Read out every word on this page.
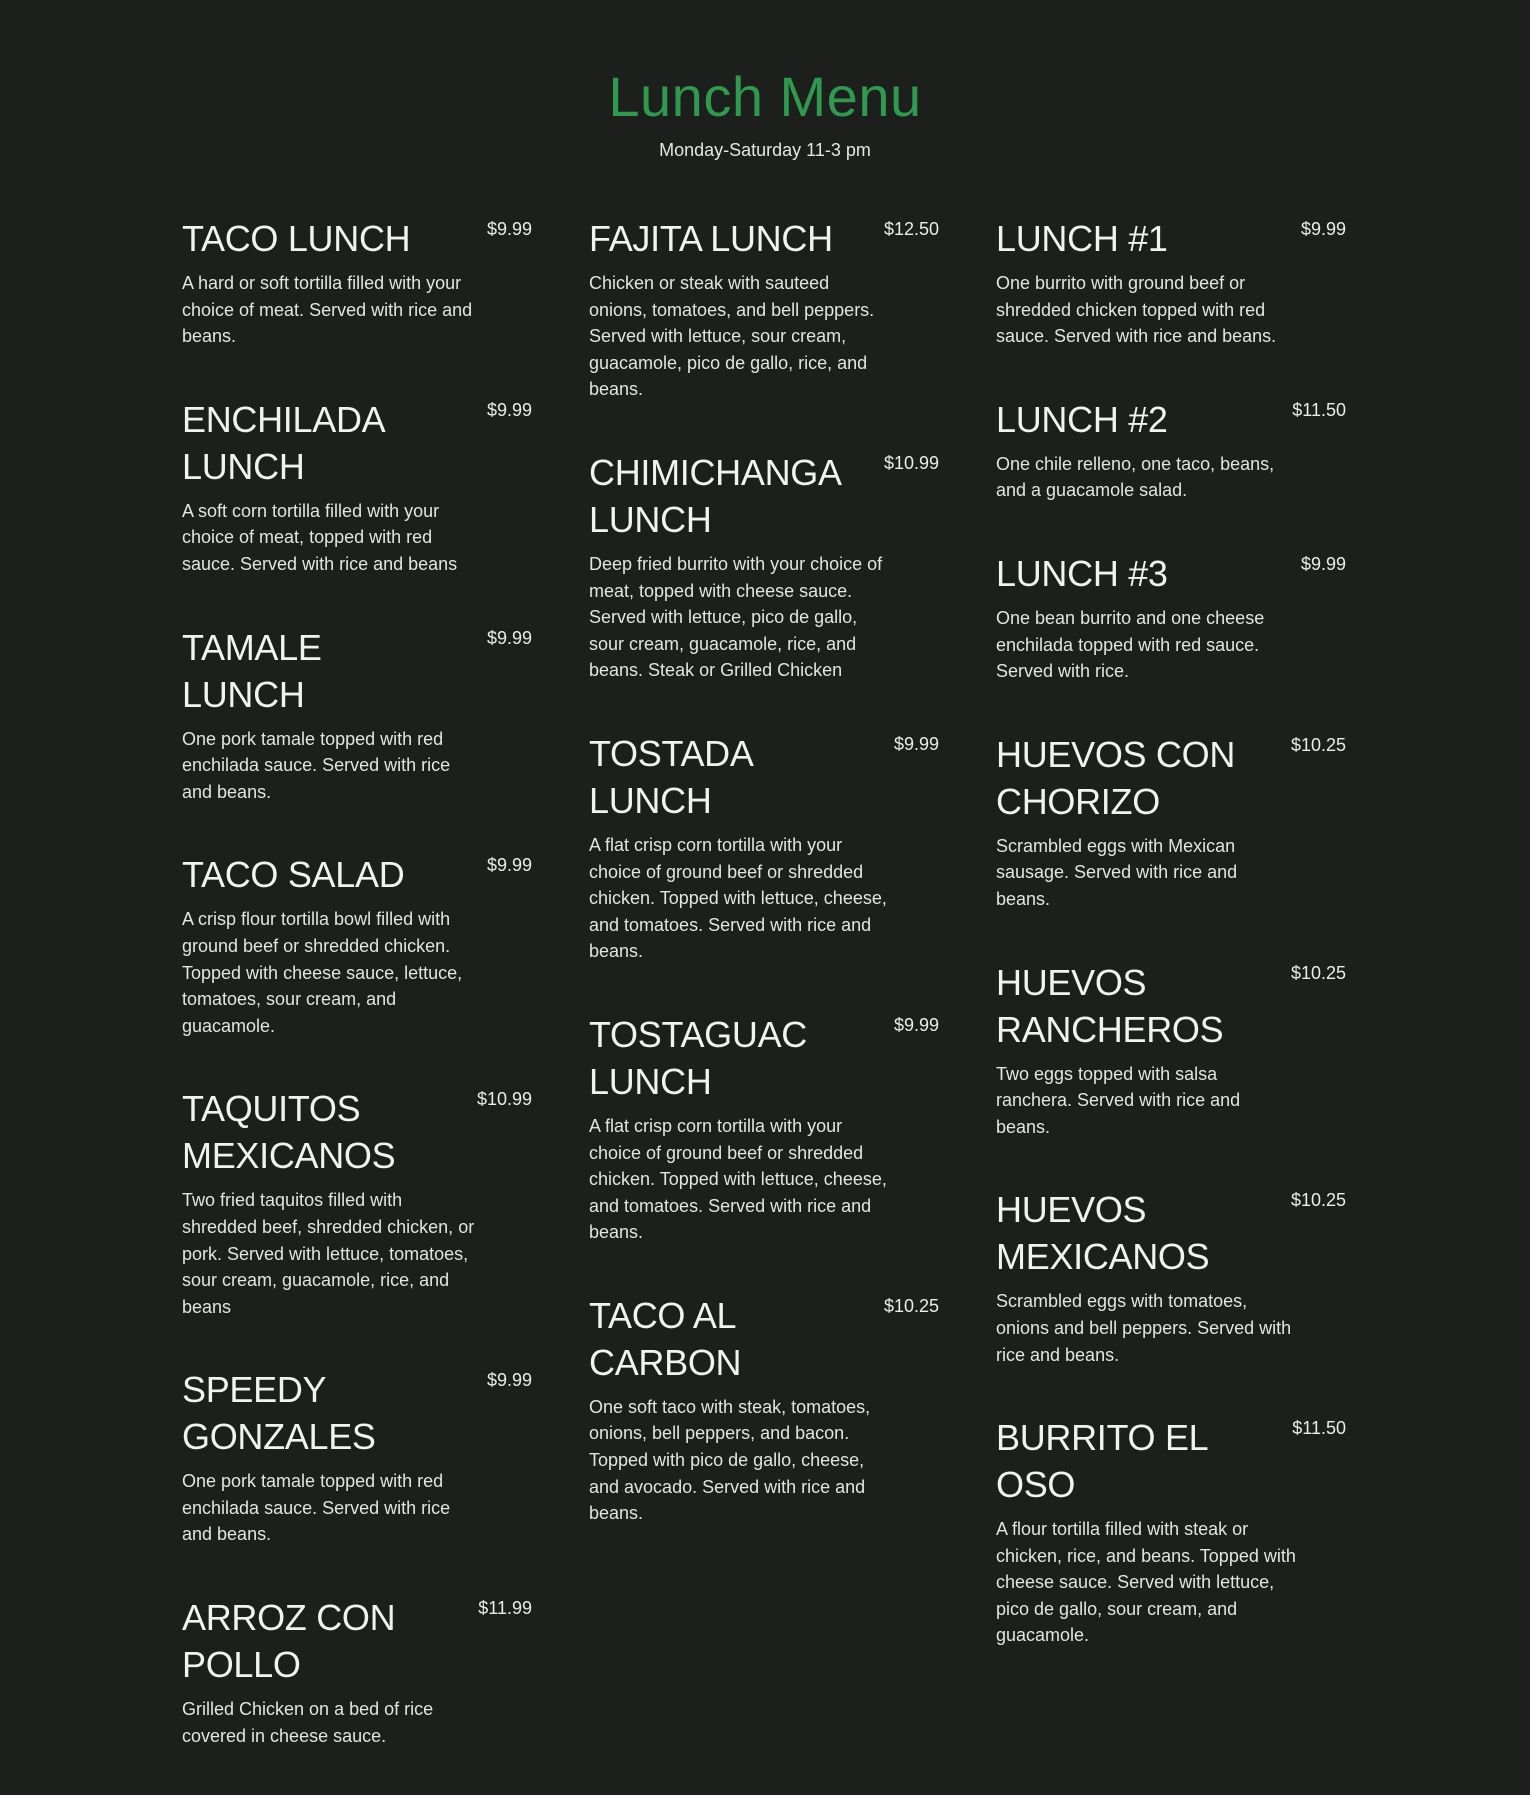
Lunch Menu
Monday-Saturday 11-3 pm
TACO LUNCH	$9.99
A hard or soft tortilla filled with your choice of meat. Served with rice and beans.
ENCHILADA LUNCH
$9.99
A soft corn tortilla filled with your choice of meat, topped with red sauce. Served with rice and beans
TAMALE LUNCH
$9.99
One pork tamale topped with red enchilada sauce. Served with rice and beans.
TACO SALAD	$9.99
A crisp flour tortilla bowl filled with ground beef or shredded chicken. Topped with cheese sauce, lettuce, tomatoes, sour cream, and guacamole.
TAQUITOS MEXICANOS
$10.99
Two fried taquitos filled with shredded beef, shredded chicken, or pork. Served with lettuce, tomatoes, sour cream, guacamole, rice, and beans
SPEEDY GONZALES
$9.99
One pork tamale topped with red enchilada sauce. Served with rice and beans.
ARROZ CON POLLO
$11.99
Grilled Chicken on a bed of rice covered in cheese sauce.
FAJITA LUNCH	$12.50
Chicken or steak with sauteed onions, tomatoes, and bell peppers. Served with lettuce, sour cream, guacamole, pico de gallo, rice, and beans.
CHIMICHANGA LUNCH
$10.99
Deep fried burrito with your choice of meat, topped with cheese sauce. Served with lettuce, pico de gallo, sour cream, guacamole, rice, and beans. Steak or Grilled Chicken
TOSTADA LUNCH
$9.99
A flat crisp corn tortilla with your choice of ground beef or shredded chicken. Topped with lettuce, cheese, and tomatoes. Served with rice and beans.
TOSTAGUAC LUNCH
$9.99
A flat crisp corn tortilla with your choice of ground beef or shredded chicken. Topped with lettuce, cheese, and tomatoes. Served with rice and beans.
TACO AL CARBON
$10.25
One soft taco with steak, tomatoes, onions, bell peppers, and bacon. Topped with pico de gallo, cheese, and avocado. Served with rice and beans.
LUNCH #1	$9.99
One burrito with ground beef or shredded chicken topped with red sauce. Served with rice and beans.
LUNCH #2	$11.50
One chile relleno, one taco, beans, and a guacamole salad.
LUNCH #3	$9.99
One bean burrito and one cheese enchilada topped with red sauce. Served with rice.
HUEVOS CON CHORIZO
$10.25
Scrambled eggs with Mexican sausage. Served with rice and beans.
HUEVOS RANCHEROS
$10.25
Two eggs topped with salsa ranchera. Served with rice and beans.
HUEVOS MEXICANOS
$10.25
Scrambled eggs with tomatoes, onions and bell peppers. Served with rice and beans.
BURRITO EL OSO
$11.50
A flour tortilla filled with steak or chicken, rice, and beans. Topped with cheese sauce. Served with lettuce, pico de gallo, sour cream, and guacamole.
